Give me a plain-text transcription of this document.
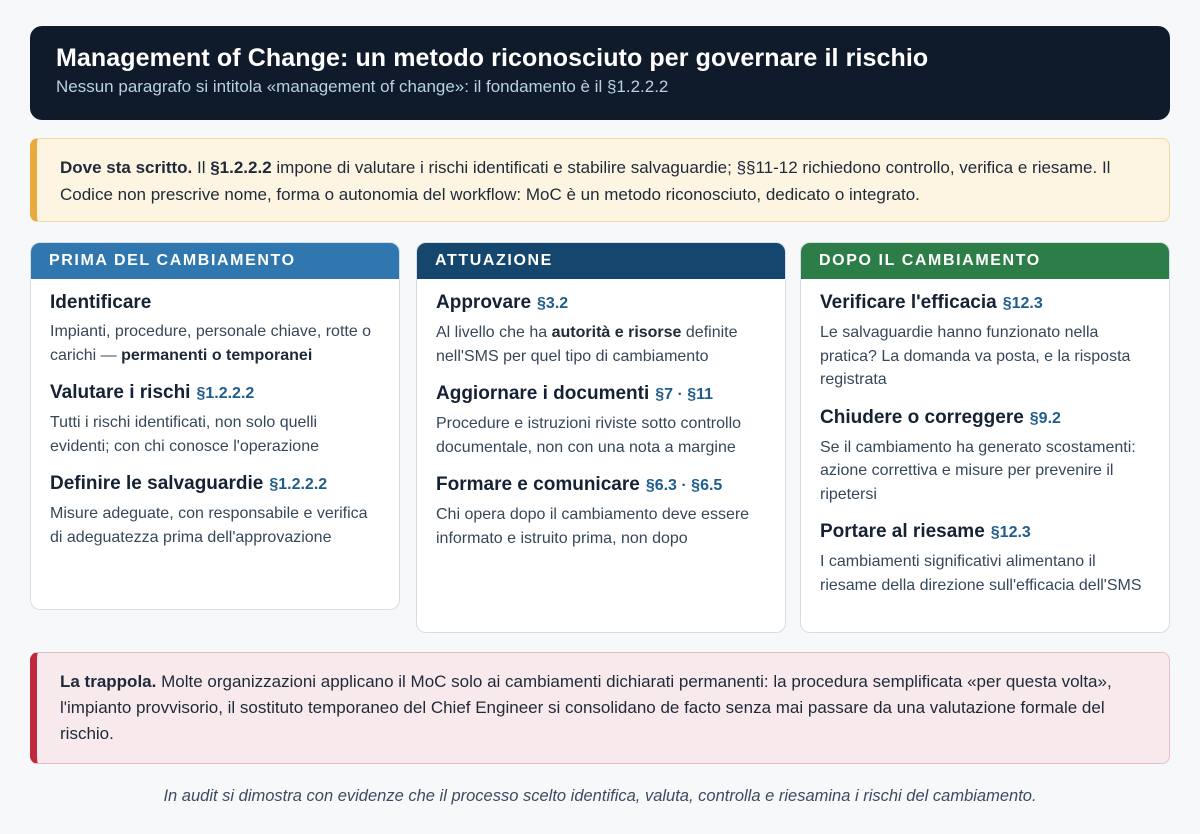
Management of Change: un metodo riconosciuto per governare il rischio
Nessun paragrafo si intitola «management of change»: il fondamento è il §1.2.2.2
Dove sta scritto. Il §1.2.2.2 impone di valutare i rischi identificati e stabilire salvaguardie; §§11-12 richiedono controllo, verifica e riesame. Il Codice non prescrive nome, forma o autonomia del workflow: MoC è un metodo riconosciuto, dedicato o integrato.
PRIMA DEL CAMBIAMENTO
Identificare

Impianti, procedure, personale chiave, rotte o carichi — permanenti o temporanei

Valutare i rischi §1.2.2.2

Tutti i rischi identificati, non solo quelli evidenti; con chi conosce l'operazione

Definire le salvaguardie §1.2.2.2

Misure adeguate, con responsabile e verifica di adeguatezza prima dell'approvazione

ATTUAZIONE
Approvare §3.2

Al livello che ha autorità e risorse definite nell'SMS per quel tipo di cambiamento

Aggiornare i documenti §7 · §11

Procedure e istruzioni riviste sotto controllo documentale, non con una nota a margine

Formare e comunicare §6.3 · §6.5

Chi opera dopo il cambiamento deve essere informato e istruito prima, non dopo

DOPO IL CAMBIAMENTO
Verificare l'efficacia §12.3

Le salvaguardie hanno funzionato nella pratica? La domanda va posta, e la risposta registrata

Chiudere o correggere §9.2

Se il cambiamento ha generato scostamenti: azione correttiva e misure per prevenire il ripetersi

Portare al riesame §12.3

I cambiamenti significativi alimentano il riesame della direzione sull'efficacia dell'SMS

La trappola. Molte organizzazioni applicano il MoC solo ai cambiamenti dichiarati permanenti: la procedura semplificata «per questa volta», l'impianto provvisorio, il sostituto temporaneo del Chief Engineer si consolidano de facto senza mai passare da una valutazione formale del rischio.
In audit si dimostra con evidenze che il processo scelto identifica, valuta, controlla e riesamina i rischi del cambiamento.
